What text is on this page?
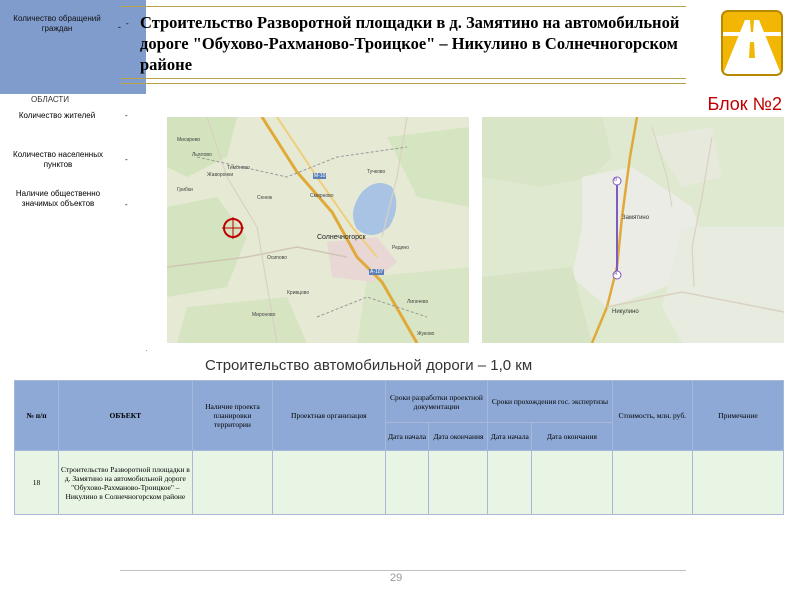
Количество обращений граждан
-
ОБЛАСТИ
Количество жителей	-
Количество населенных пунктов
-
Наличие общественно значимых объектов	-
-	Строительство Разворотной площадки в д. Замятино на автомобильной дороге "Обухово-Рахманово-Троицкое" – Никулино в Солнечногорском районе
Блок №2
Мисирево
Льялово
Жаворонки
Тимоново
Грибки
Сенеж
Тучково
Смирново
Солнечногорск
Редино
Осипово
Кривцово
Мироново
Жуково
М-10
А-107
Лигачево
В
А
Замятино
Никулино
Строительство автомобильной дороги – 1,0 км
№ п/п	ОБЪЕКТ	Наличие проекта планировки территории	Проектная организация	Сроки разработки проектной документации		Сроки прохождения гос. экспертизы		Стоимость, млн. руб.	Примечание
				Дата начала	Дата окончания	Дата начала	Дата окончания		
18	Строительство Разворотной площадки в д. Замятино на автомобильной дороге "Обухово-Рахманово-Троицкое" – Никулино в Солнечногорском районе								
29
